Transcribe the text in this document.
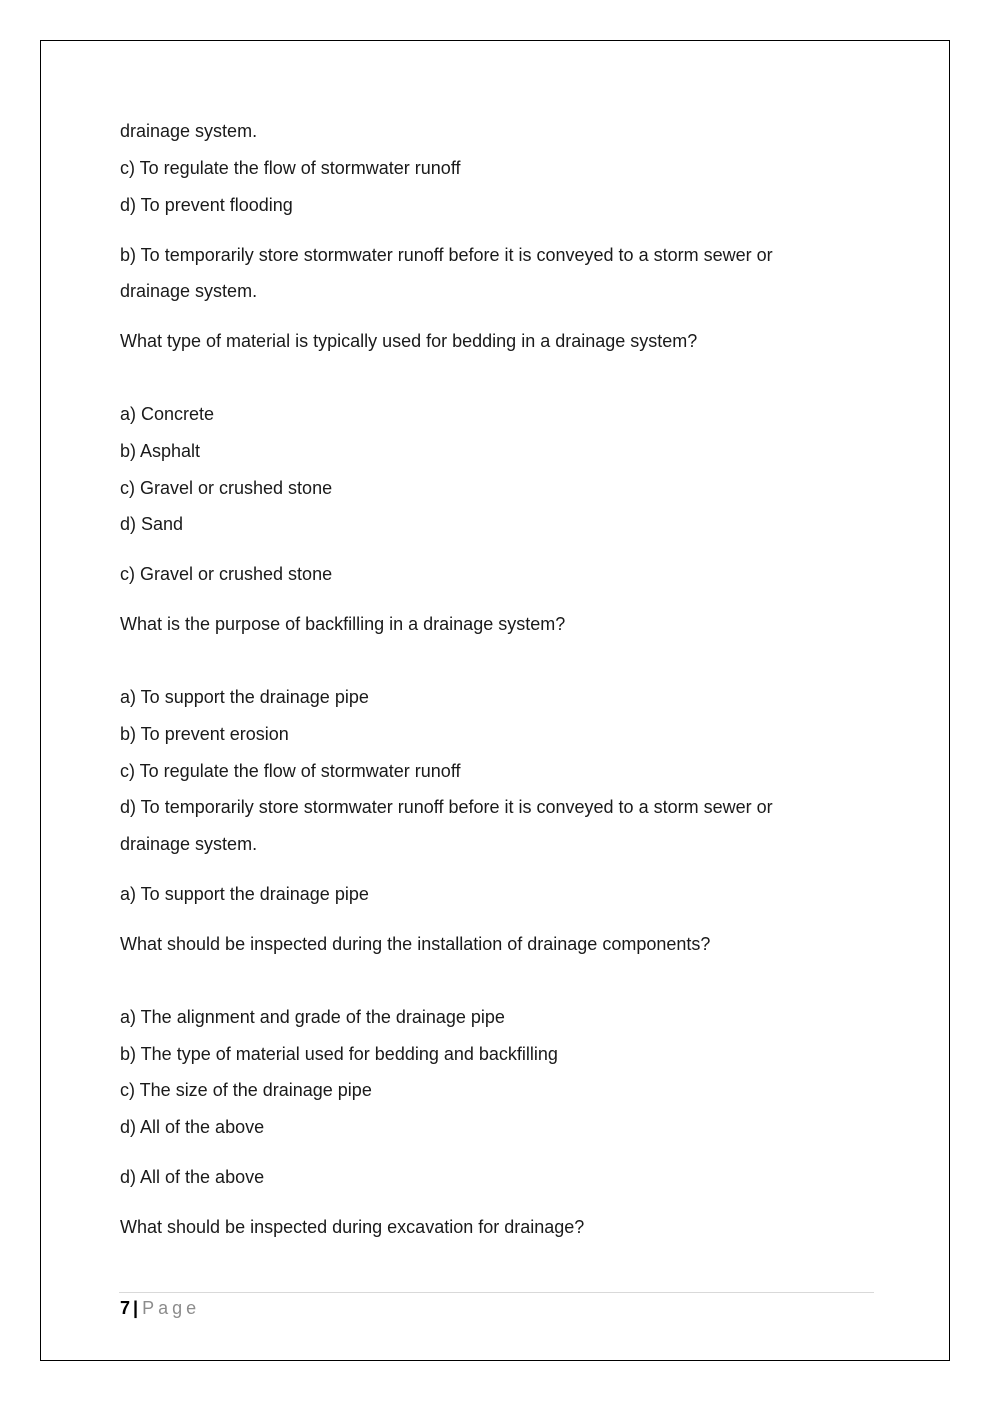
drainage system.
c) To regulate the flow of stormwater runoff
d) To prevent flooding
b) To temporarily store stormwater runoff before it is conveyed to a storm sewer or
drainage system.
What type of material is typically used for bedding in a drainage system?
a) Concrete
b) Asphalt
c) Gravel or crushed stone
d) Sand
c) Gravel or crushed stone
What is the purpose of backfilling in a drainage system?
a) To support the drainage pipe
b) To prevent erosion
c) To regulate the flow of stormwater runoff
d) To temporarily store stormwater runoff before it is conveyed to a storm sewer or
drainage system.
a) To support the drainage pipe
What should be inspected during the installation of drainage components?
a) The alignment and grade of the drainage pipe
b) The type of material used for bedding and backfilling
c) The size of the drainage pipe
d) All of the above
d) All of the above
What should be inspected during excavation for drainage?
7 | Page
